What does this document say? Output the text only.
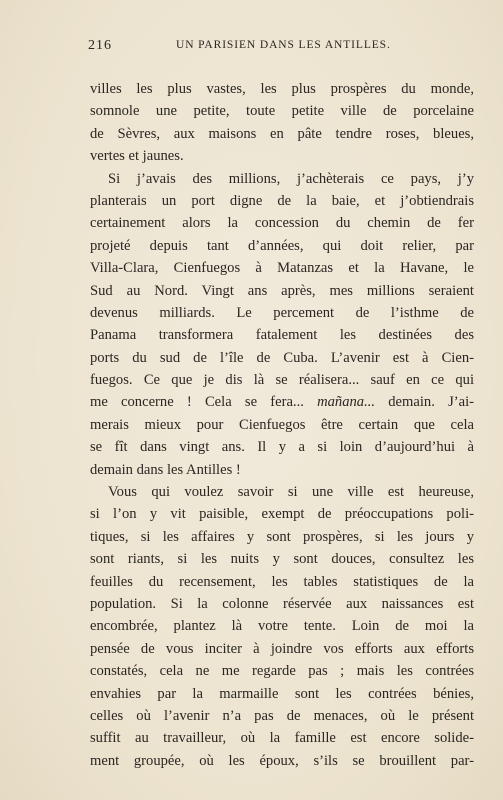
216	UN PARISIEN DANS LES ANTILLES.
villes les plus vastes, les plus prospères du monde,
somnole une petite, toute petite ville de porcelaine
de Sèvres, aux maisons en pâte tendre roses, bleues,
vertes et jaunes.
Si j’avais des millions, j’achèterais ce pays, j’y
planterais un port digne de la baie, et j’obtiendrais
certainement alors la concession du chemin de fer
projeté depuis tant d’années, qui doit relier, par
Villa-Clara, Cienfuegos à Matanzas et la Havane, le
Sud au Nord. Vingt ans après, mes millions seraient
devenus milliards. Le percement de l’isthme de
Panama transformera fatalement les destinées des
ports du sud de l’île de Cuba. L’avenir est à Cien-
fuegos. Ce que je dis là se réalisera... sauf en ce qui
me concerne ! Cela se fera... mañana... demain. J’ai-
merais mieux pour Cienfuegos être certain que cela
se fît dans vingt ans. Il y a si loin d’aujourd’hui à
demain dans les Antilles !
Vous qui voulez savoir si une ville est heureuse,
si l’on y vit paisible, exempt de préoccupations poli-
tiques, si les affaires y sont prospères, si les jours y
sont riants, si les nuits y sont douces, consultez les
feuilles du recensement, les tables statistiques de la
population. Si la colonne réservée aux naissances est
encombrée, plantez là votre tente. Loin de moi la
pensée de vous inciter à joindre vos efforts aux efforts
constatés, cela ne me regarde pas ; mais les contrées
envahies par la marmaille sont les contrées bénies,
celles où l’avenir n’a pas de menaces, où le présent
suffit au travailleur, où la famille est encore solide-
ment groupée, où les époux, s’ils se brouillent par-
